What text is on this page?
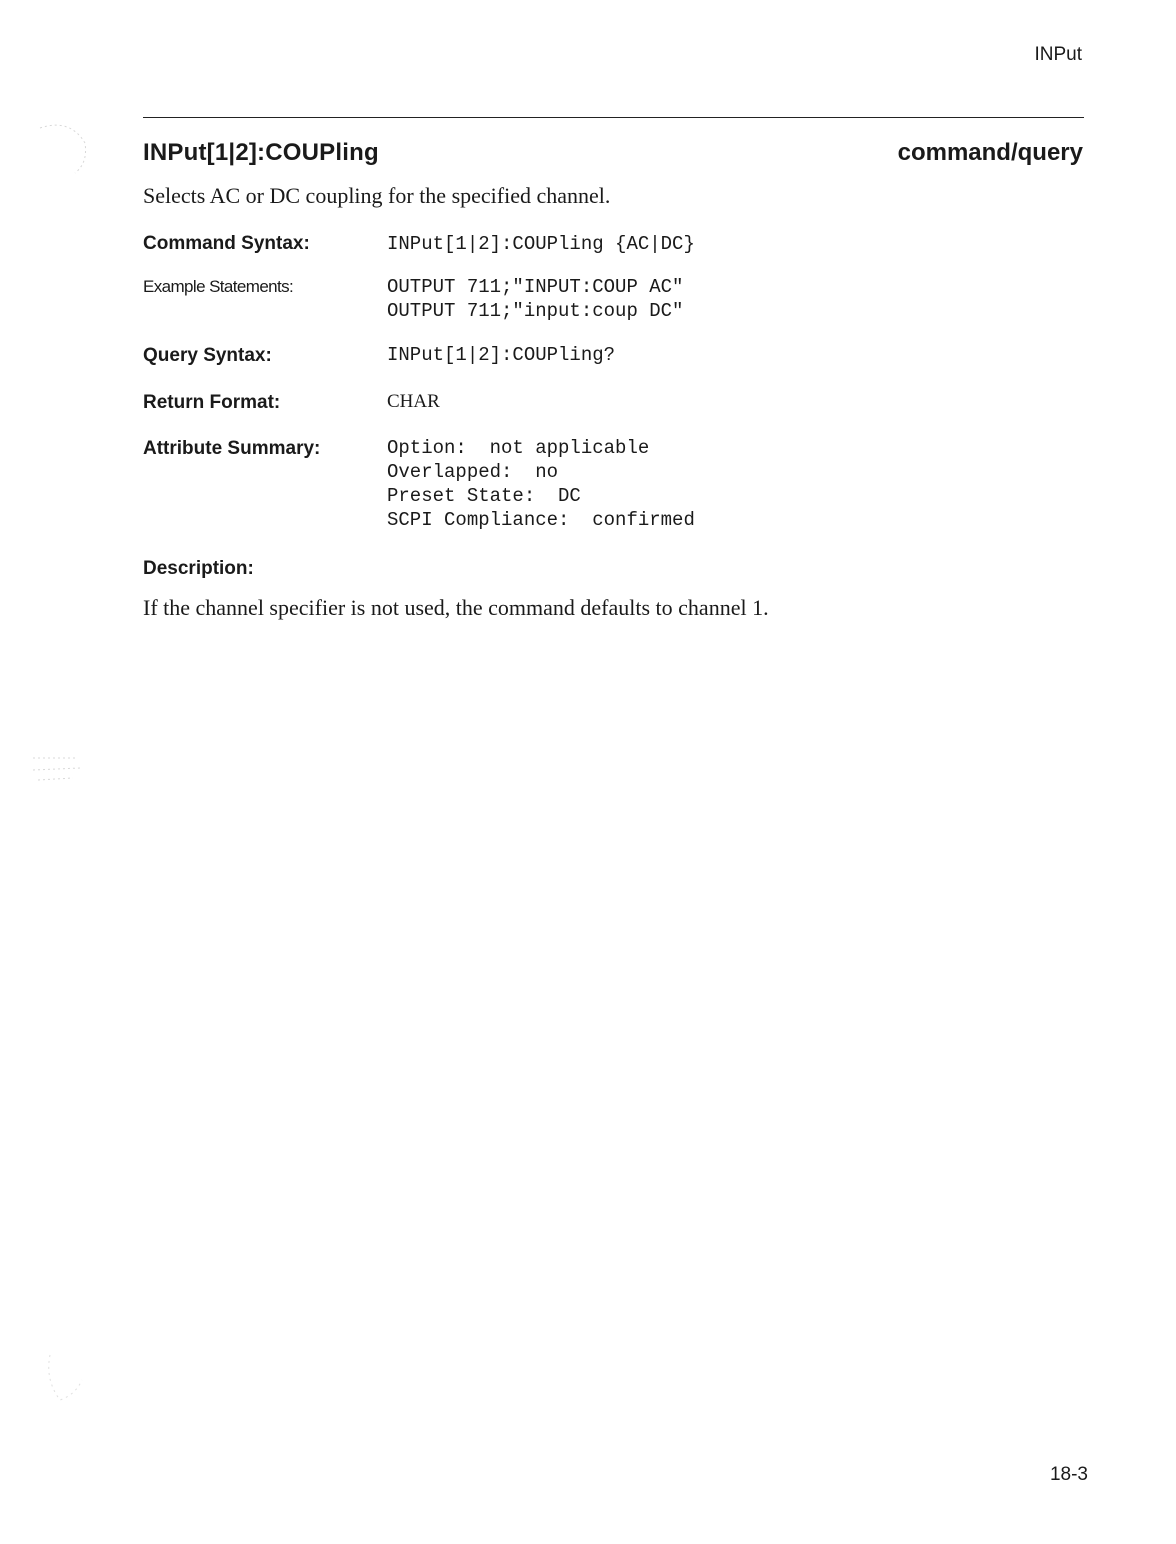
INPut
INPut[1|2]:COUPling	command/query
Selects AC or DC coupling for the specified channel.
Command Syntax:	INPut[1|2]:COUPling {AC|DC}
Example Statements:	OUTPUT 711;"INPUT:COUP AC"
OUTPUT 711;"input:coup DC"
Query Syntax:	INPut[1|2]:COUPling?
Return Format:	CHAR
Attribute Summary:	Option:  not applicable
Overlapped:  no
Preset State:  DC
SCPI Compliance:  confirmed
Description:
If the channel specifier is not used, the command defaults to channel 1.
18-3
